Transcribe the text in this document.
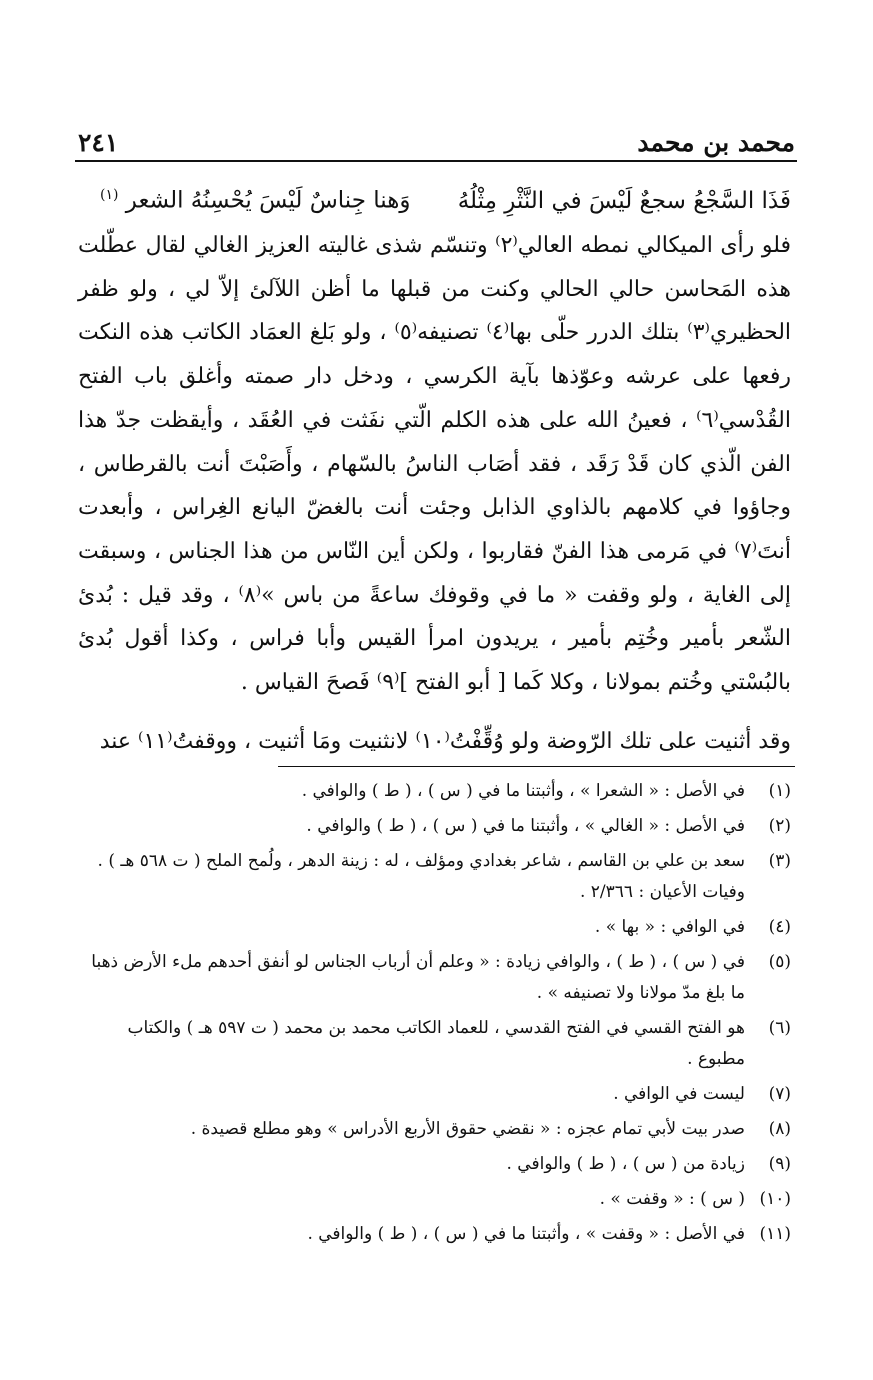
محمد بن محمد
٢٤١
فَذَا السَّجْعُ سجعٌ لَيْسَ في النَّثْرِ مِثْلُهُ
وَهنا جِناسٌ لَيْسَ يُحْسِنُهُ الشعر $^{(١)}$

فلو رأى الميكالي نمطه العالي⁽٢⁾ وتنسّم شذى غاليته العزيز الغالي لقال عطّلت هذه المَحاسن حالي الحالي وكنت من قبلها ما أظن اللآلئ إلاّ لي ، ولو ظفر الحظيري⁽٣⁾ بتلك الدرر حلّى بها⁽٤⁾ تصنيفه⁽٥⁾ ، ولو بَلغ العمَاد الكاتب هذه النكت رفعها على عرشه وعوّذها بآية الكرسي ، ودخل دار صمته وأغلق باب الفتح القُدْسي⁽٦⁾ ، فعينُ الله على هذه الكلم الّتي نفَثت في العُقَد ، وأيقظت جدّ هذا الفن الّذي كان قَدْ رَقَد ، فقد أصَاب الناسُ بالسّهام ، وأَصَبْتَ أنت بالقرطاس ، وجاؤوا في كلامهم بالذاوي الذابل وجئت أنت بالغضّ اليانع الغِراس ، وأبعدت أنتَ⁽٧⁾ في مَرمى هذا الفنّ فقاربوا ، ولكن أين النّاس من هذا الجناس ، وسبقت إلى الغاية ، ولو وقفت « ما في وقوفك ساعةً من باس »⁽٨⁾ ، وقد قيل : بُدئ الشّعر بأمير وخُتِم بأمير ، يريدون امرأ القيس وأبا فراس ، وكذا أقول بُدئ بالبُسْتي وخُتم بمولانا ، وكلا كَما [ أبو الفتح ]⁽٩⁾ فَصحَ القياس .

وقد أثنيت على تلك الرّوضة ولو وُقِّفْتُ⁽١٠⁾ لانثنيت ومَا أثنيت ، ووقفتُ⁽١١⁾ عند
(١)
في الأصل : « الشعرا » ، وأثبتنا ما في ( س ) ، ( ط ) والوافي .
(٢)
في الأصل : « الغالي » ، وأثبتنا ما في ( س ) ، ( ط ) والوافي .
(٣)
سعد بن علي بن القاسم ، شاعر بغدادي ومؤلف ، له : زينة الدهر ، ولُمح الملح ( ت ٥٦٨ هـ ) . وفيات الأعيان : ٢/٣٦٦ .
(٤)
في الوافي : « بها » .
(٥)
في ( س ) ، ( ط ) ، والوافي زيادة : « وعلم أن أرباب الجناس لو أنفق أحدهم ملء الأرض ذهبا ما بلغ مدّ مولانا ولا تصنيفه » .
(٦)
هو الفتح القسي في الفتح القدسي ، للعماد الكاتب محمد بن محمد ( ت ٥٩٧ هـ ) والكتاب مطبوع .
(٧)
ليست في الوافي .
(٨)
صدر بيت لأبي تمام عجزه : « نقضي حقوق الأربع الأدراس » وهو مطلع قصيدة .
(٩)
زيادة من ( س ) ، ( ط ) والوافي .
(١٠)
( س ) : « وقفت » .
(١١)
في الأصل : « وقفت » ، وأثبتنا ما في ( س ) ، ( ط ) والوافي .
